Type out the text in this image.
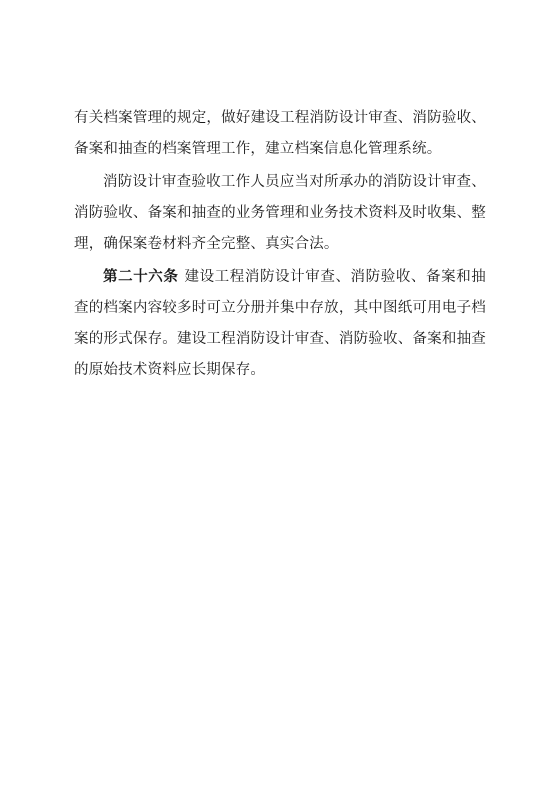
有关档案管理的规定，做好建设工程消防设计审查、消防验收、备案和抽查的档案管理工作，建立档案信息化管理系统。

消防设计审查验收工作人员应当对所承办的消防设计审查、消防验收、备案和抽查的业务管理和业务技术资料及时收集、整理，确保案卷材料齐全完整、真实合法。

第二十六条 建设工程消防设计审查、消防验收、备案和抽查的档案内容较多时可立分册并集中存放，其中图纸可用电子档案的形式保存。建设工程消防设计审查、消防验收、备案和抽查的原始技术资料应长期保存。
